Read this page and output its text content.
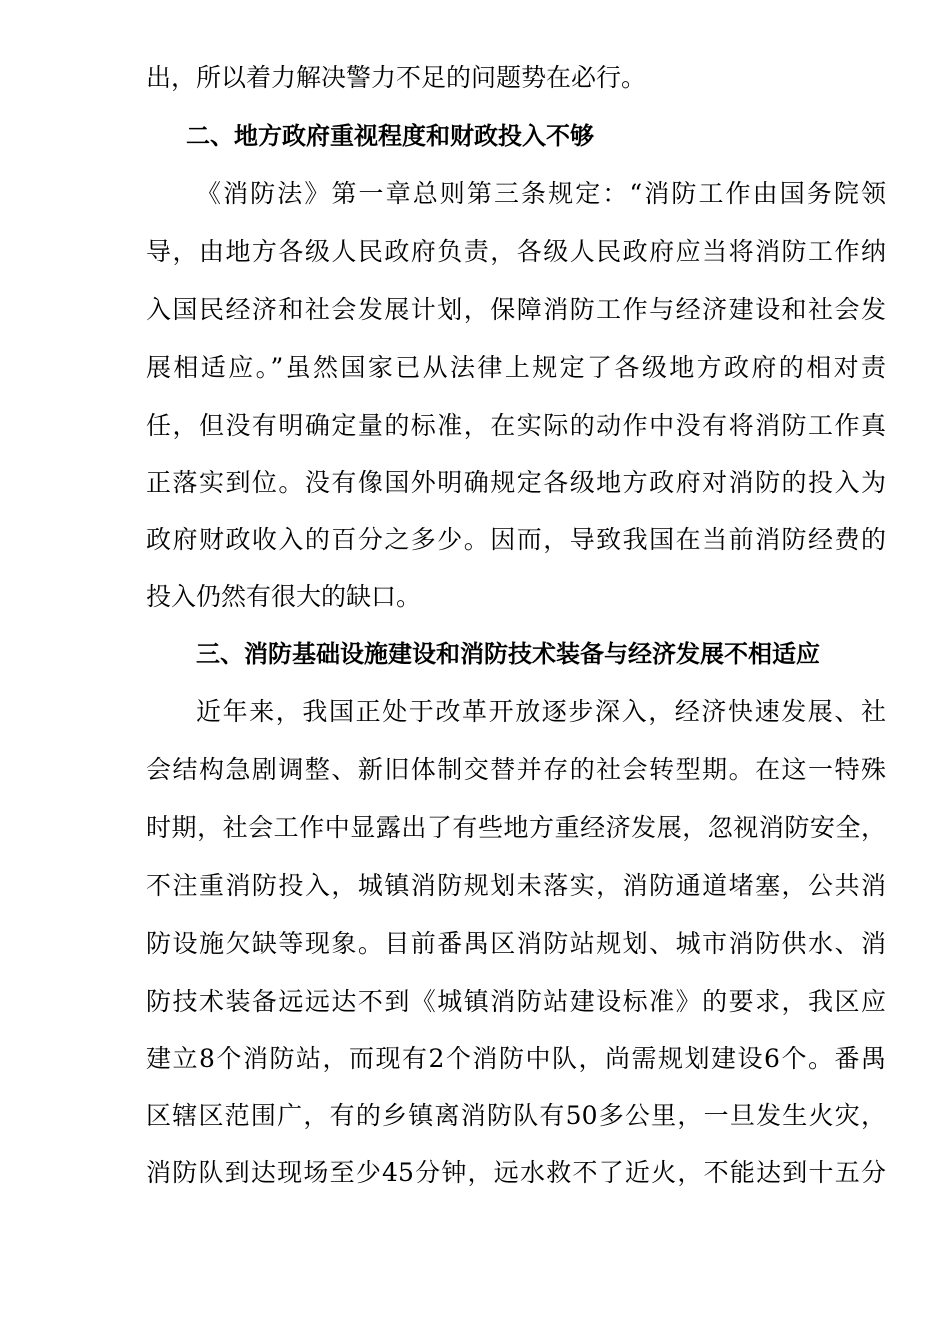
出，所以着力解决警力不足的问题势在必行。
二、地方政府重视程度和财政投入不够
《消防法》第一章总则第三条规定：“消防工作由国务院领
导，由地方各级人民政府负责，各级人民政府应当将消防工作纳
入国民经济和社会发展计划，保障消防工作与经济建设和社会发
展相适应。”虽然国家已从法律上规定了各级地方政府的相对责
任，但没有明确定量的标准，在实际的动作中没有将消防工作真
正落实到位。没有像国外明确规定各级地方政府对消防的投入为
政府财政收入的百分之多少。因而，导致我国在当前消防经费的
投入仍然有很大的缺口。
三、消防基础设施建设和消防技术装备与经济发展不相适应
近年来，我国正处于改革开放逐步深入，经济快速发展、社
会结构急剧调整、新旧体制交替并存的社会转型期。在这一特殊
时期，社会工作中显露出了有些地方重经济发展，忽视消防安全，
不注重消防投入，城镇消防规划未落实，消防通道堵塞，公共消
防设施欠缺等现象。目前番禺区消防站规划、城市消防供水、消
防技术装备远远达不到《城镇消防站建设标准》的要求，我区应
建立8个消防站，而现有2个消防中队，尚需规划建设6个。番禺
区辖区范围广，有的乡镇离消防队有50多公里，一旦发生火灾，
消防队到达现场至少45分钟，远水救不了近火，不能达到十五分
